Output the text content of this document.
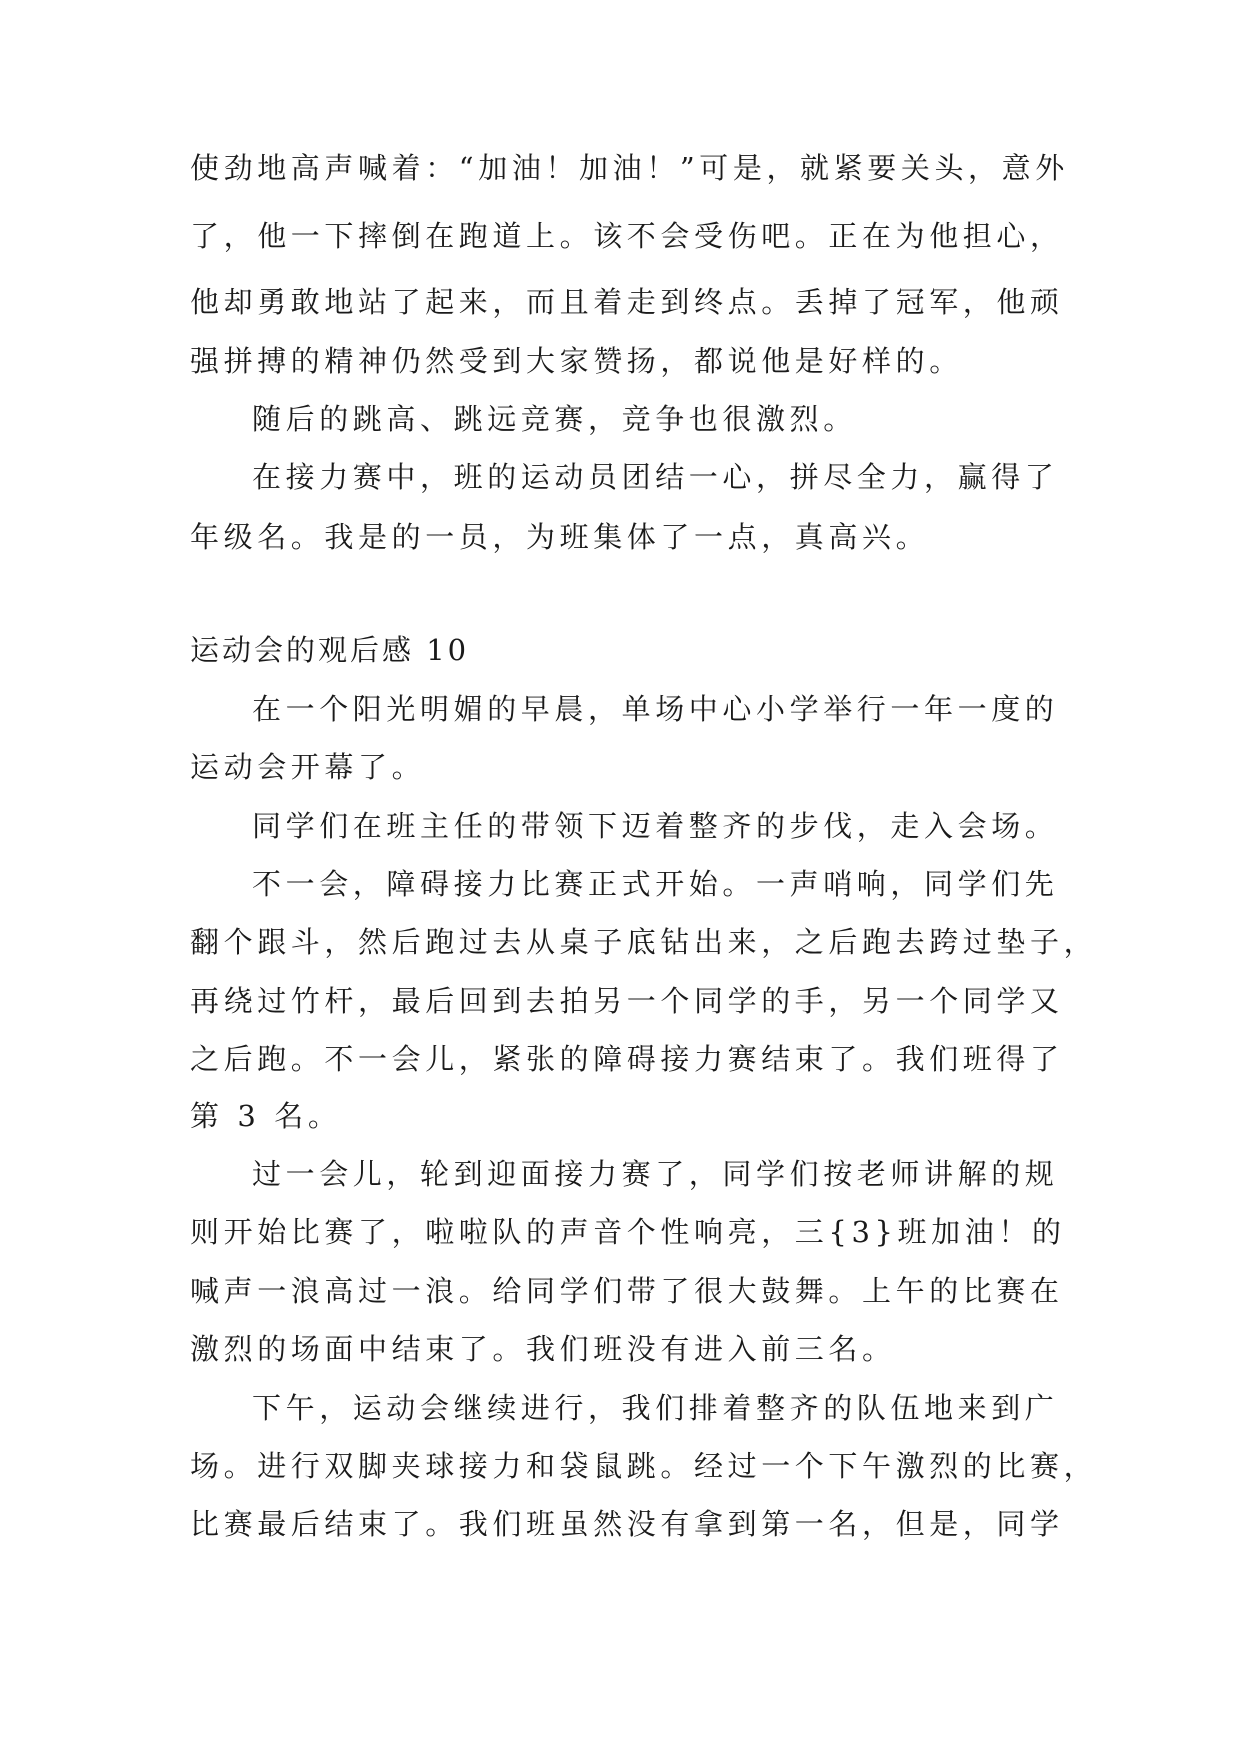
使劲地高声喊着：“加油！加油！”可是，就紧要关头，意外
了，他一下摔倒在跑道上。该不会受伤吧。正在为他担心，
他却勇敢地站了起来，而且着走到终点。丢掉了冠军，他顽
强拼搏的精神仍然受到大家赞扬，都说他是好样的。
随后的跳高、跳远竞赛，竞争也很激烈。
在接力赛中，班的运动员团结一心，拼尽全力，赢得了
年级名。我是的一员，为班集体了一点，真高兴。
运动会的观后感 10
在一个阳光明媚的早晨，单场中心小学举行一年一度的
运动会开幕了。
同学们在班主任的带领下迈着整齐的步伐，走入会场。
不一会，障碍接力比赛正式开始。一声哨响，同学们先
翻个跟斗，然后跑过去从桌子底钻出来，之后跑去跨过垫子，
再绕过竹杆，最后回到去拍另一个同学的手，另一个同学又
之后跑。不一会儿，紧张的障碍接力赛结束了。我们班得了
第 3 名。
过一会儿，轮到迎面接力赛了，同学们按老师讲解的规
则开始比赛了，啦啦队的声音个性响亮，三{3}班加油！的
喊声一浪高过一浪。给同学们带了很大鼓舞。上午的比赛在
激烈的场面中结束了。我们班没有进入前三名。
下午，运动会继续进行，我们排着整齐的队伍地来到广
场。进行双脚夹球接力和袋鼠跳。经过一个下午激烈的比赛，
比赛最后结束了。我们班虽然没有拿到第一名，但是，同学
